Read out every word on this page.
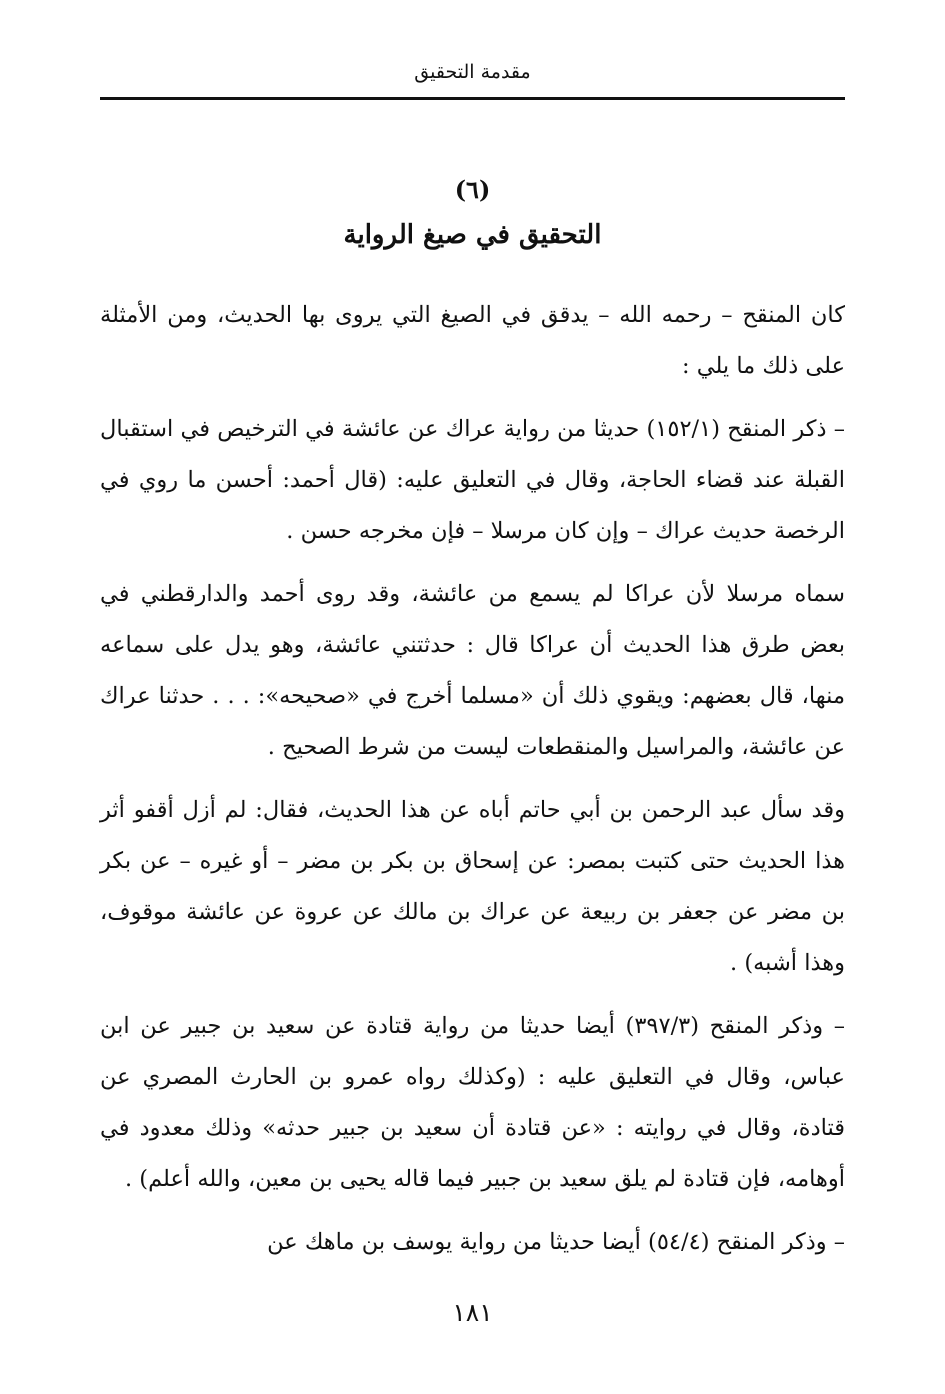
مقدمة التحقيق
(٦)
التحقيق في صيغ الرواية

كان المنقح – رحمه الله – يدقق في الصيغ التي يروى بها الحديث، ومن الأمثلة على ذلك ما يلي :

– ذكر المنقح (١٥٢/١) حديثا من رواية عراك عن عائشة في الترخيص في استقبال القبلة عند قضاء الحاجة، وقال في التعليق عليه: (قال أحمد: أحسن ما روي في الرخصة حديث عراك – وإن كان مرسلا – فإن مخرجه حسن .

سماه مرسلا لأن عراكا لم يسمع من عائشة، وقد روى أحمد والدارقطني في بعض طرق هذا الحديث أن عراكا قال : حدثتني عائشة، وهو يدل على سماعه منها، قال بعضهم: ويقوي ذلك أن «مسلما أخرج في «صحيحه»: . . . حدثنا عراك عن عائشة، والمراسيل والمنقطعات ليست من شرط الصحيح .

وقد سأل عبد الرحمن بن أبي حاتم أباه عن هذا الحديث، فقال: لم أزل أقفو أثر هذا الحديث حتى كتبت بمصر: عن إسحاق بن بكر بن مضر – أو غيره – عن بكر بن مضر عن جعفر بن ربيعة عن عراك بن مالك عن عروة عن عائشة موقوف، وهذا أشبه) .

– وذكر المنقح (٣٩٧/٣) أيضا حديثا من رواية قتادة عن سعيد بن جبير عن ابن عباس، وقال في التعليق عليه : (وكذلك رواه عمرو بن الحارث المصري عن قتادة، وقال في روايته : «عن قتادة أن سعيد بن جبير حدثه» وذلك معدود في أوهامه، فإن قتادة لم يلق سعيد بن جبير فيما قاله يحيى بن معين، والله أعلم) .

– وذكر المنقح (٥٤/٤) أيضا حديثا من رواية يوسف بن ماهك عن

١٨١
